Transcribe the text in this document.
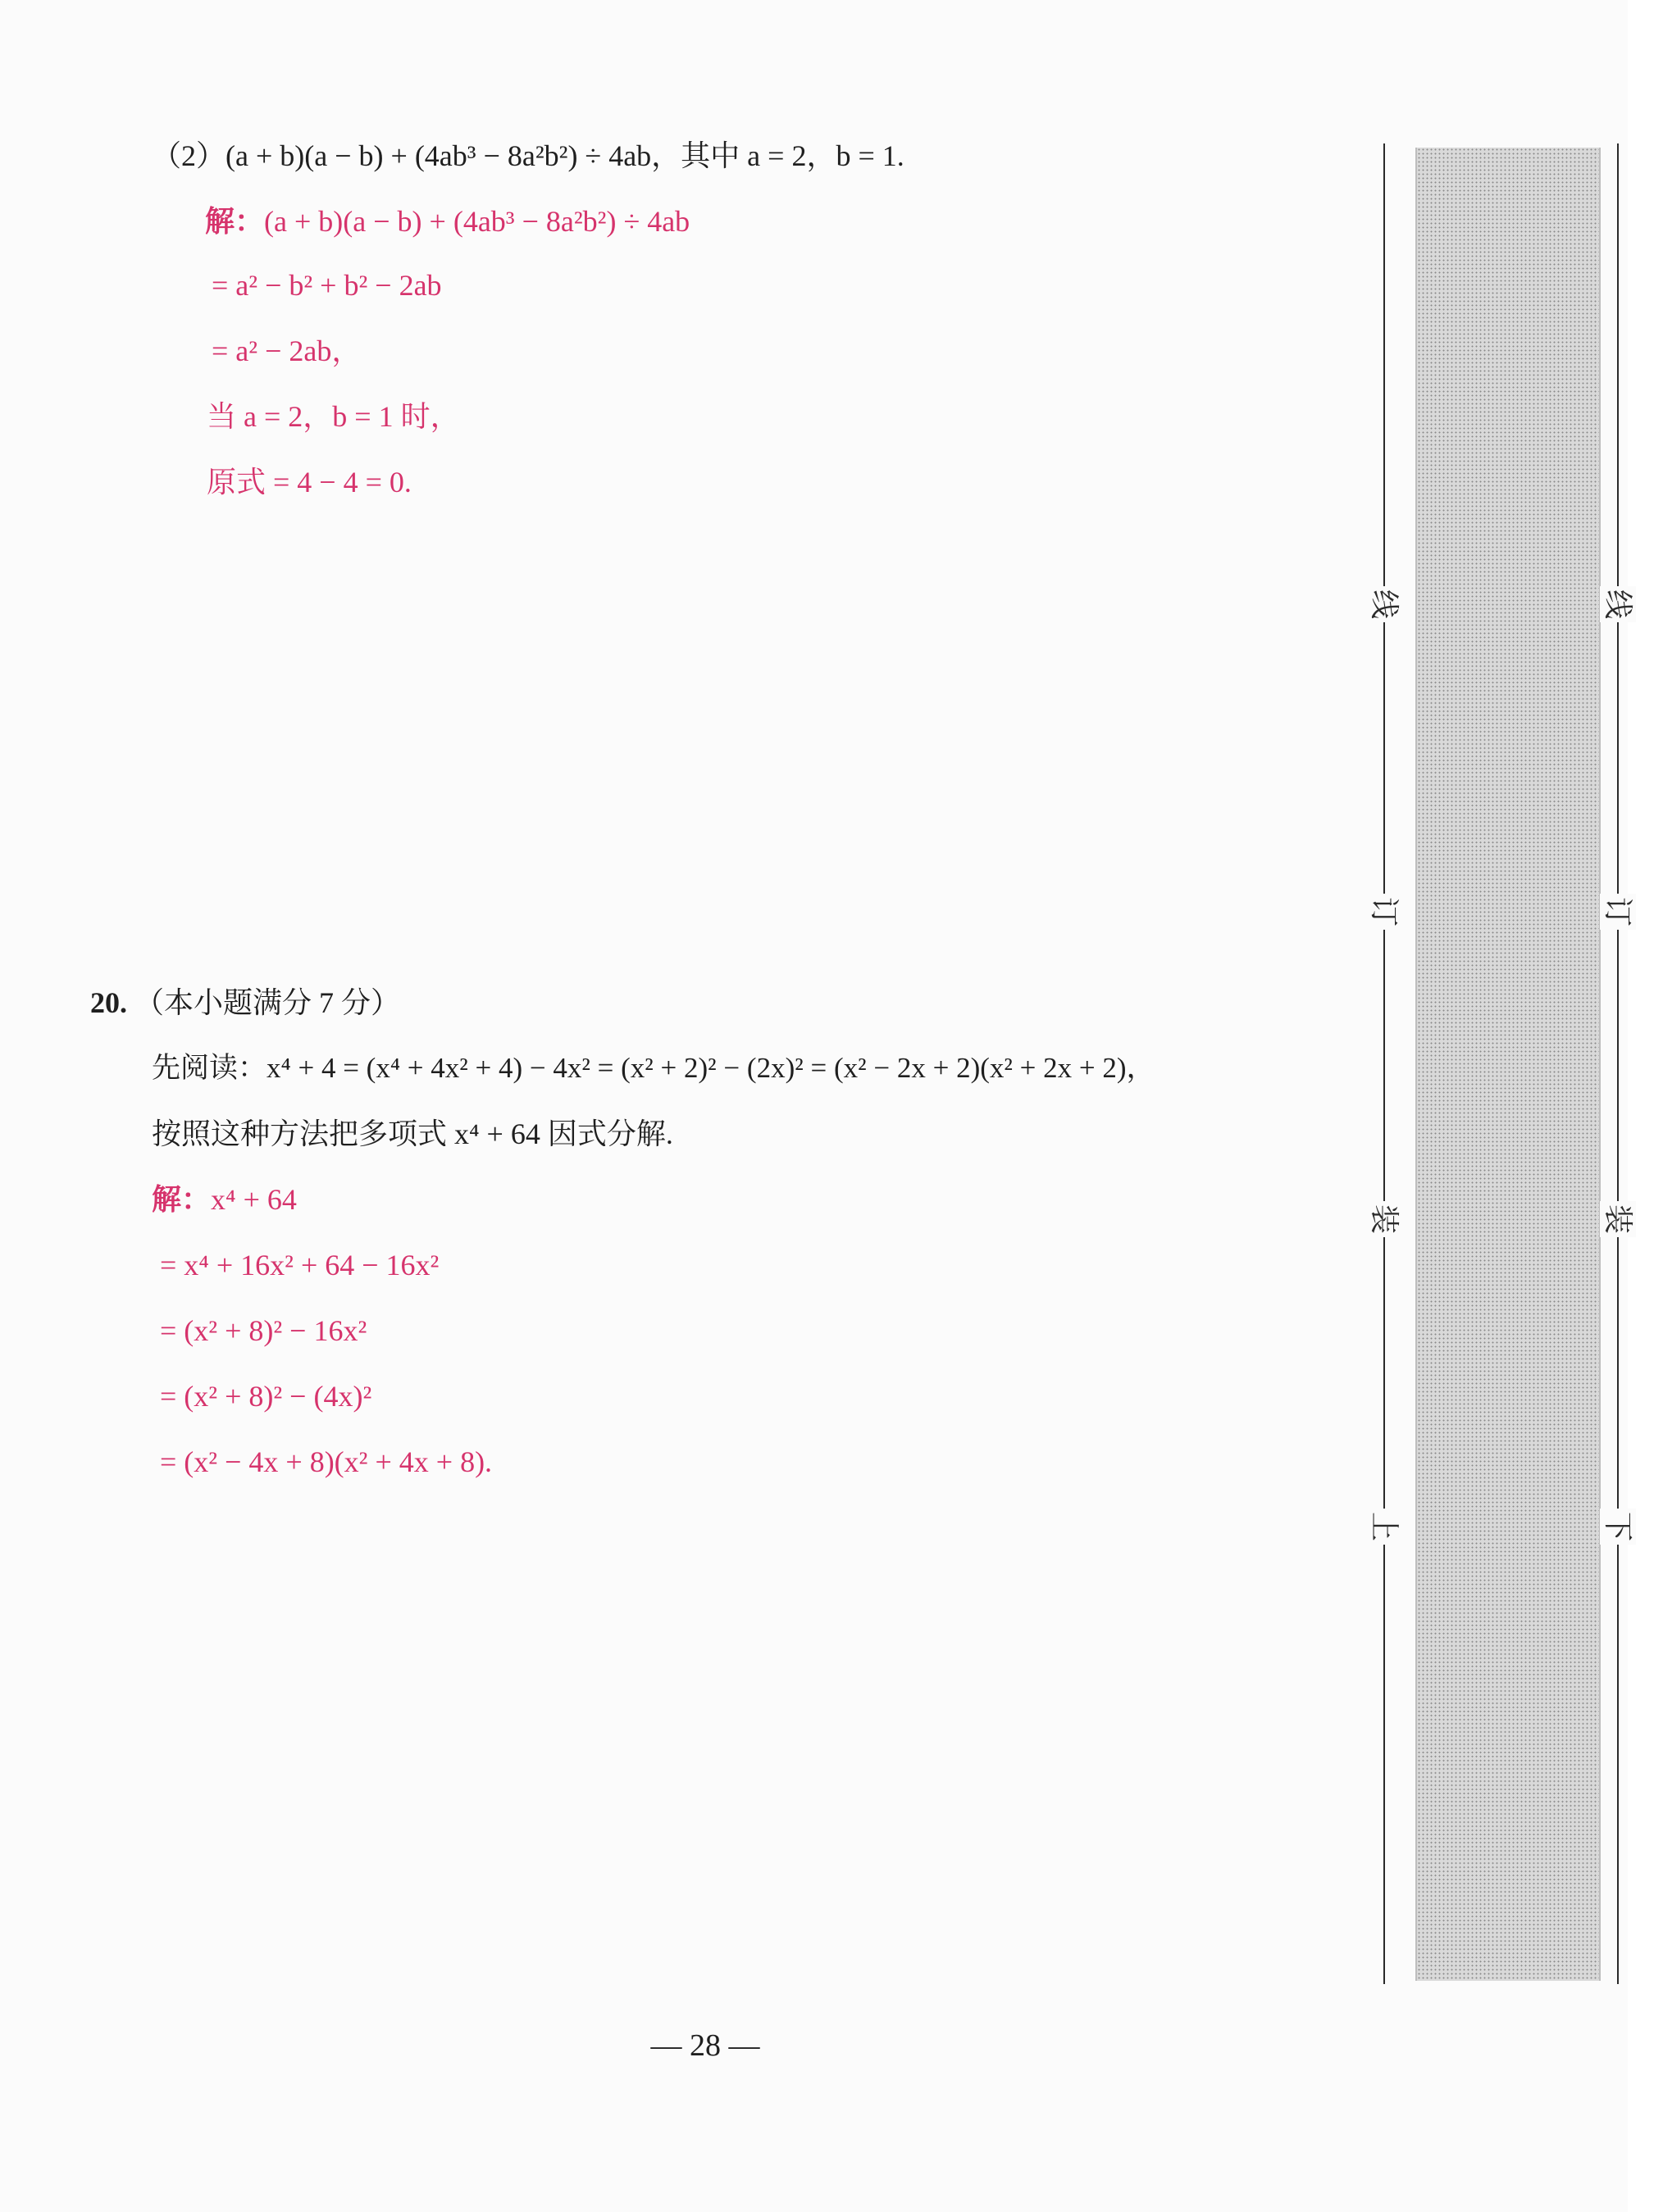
（2）(a + b)(a − b) + (4ab³ − 8a²b²) ÷ 4ab，其中 a = 2，b = 1.
解：(a + b)(a − b) + (4ab³ − 8a²b²) ÷ 4ab
= a² − b² + b² − 2ab
= a² − 2ab，
当 a = 2，b = 1 时，
原式 = 4 − 4 = 0.
20. （本小题满分 7 分）
先阅读：x⁴ + 4 = (x⁴ + 4x² + 4) − 4x² = (x² + 2)² − (2x)² = (x² − 2x + 2)(x² + 2x + 2)，
按照这种方法把多项式 x⁴ + 64 因式分解.
解：x⁴ + 64
= x⁴ + 16x² + 64 − 16x²
= (x² + 8)² − 16x²
= (x² + 8)² − (4x)²
= (x² − 4x + 8)(x² + 4x + 8).
线
订
装
上
线
订
装
下
— 28 —
